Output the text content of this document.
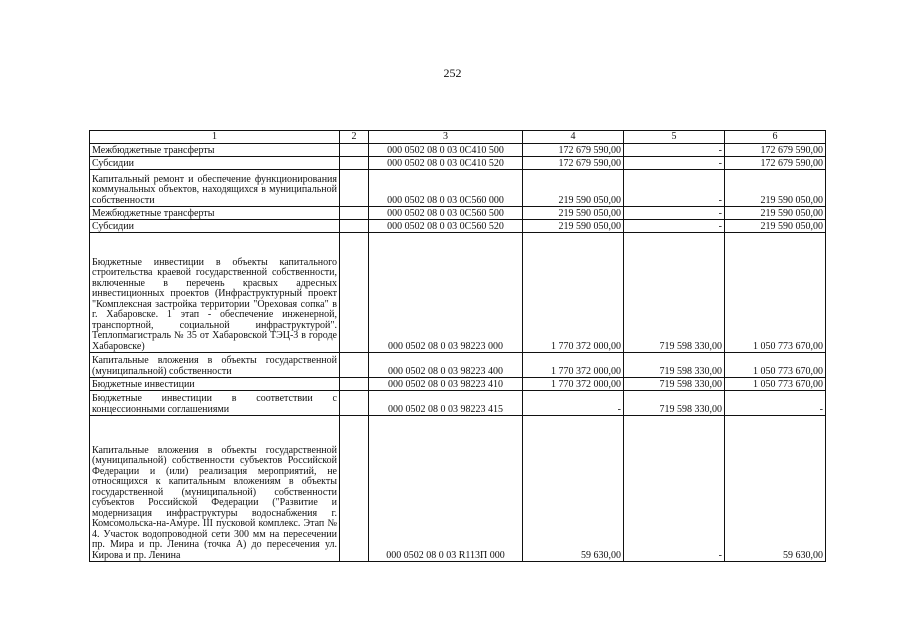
252
1	2	3	4	5	6
Межбюджетные трансферты		000 0502 08 0 03 0С410 500	172 679 590,00	-	172 679 590,00
Субсидии		000 0502 08 0 03 0С410 520	172 679 590,00	-	172 679 590,00
Капитальный ремонт и обеспечение функционирования коммунальных объектов, находящихся в муниципальной собственности		000 0502 08 0 03 0С560 000	219 590 050,00	-	219 590 050,00
Межбюджетные трансферты		000 0502 08 0 03 0С560 500	219 590 050,00	-	219 590 050,00
Субсидии		000 0502 08 0 03 0С560 520	219 590 050,00	-	219 590 050,00
Бюджетные инвестиции в объекты капитального строительства краевой государственной собственности, включенные в перечень красвых адресных инвестиционных проектов (Инфраструктурный проект "Комплексная застройка территории "Ореховая сопка" в г. Хабаровске. 1 этап - обеспечение инженерной, транспортной, социальной инфраструктурой". Теплопмагистраль № 35 от Хабаровской ТЭЦ-3 в городе Хабаровске)		000 0502 08 0 03 98223 000	1 770 372 000,00	719 598 330,00	1 050 773 670,00
Капитальные вложения в объекты государственной (муниципальной) собственности		000 0502 08 0 03 98223 400	1 770 372 000,00	719 598 330,00	1 050 773 670,00
Бюджетные инвестиции		000 0502 08 0 03 98223 410	1 770 372 000,00	719 598 330,00	1 050 773 670,00
Бюджетные инвестиции в соответствии с концессионными соглашениями		000 0502 08 0 03 98223 415	-	719 598 330,00	-
Капитальные вложения в объекты государственной (муниципальной) собственности субъектов Российской Федерации и (или) реализация мероприятий, не относящихся к капитальным вложениям в объекты государственной (муниципальной) собственности субъектов Российской Федерации ("Развитие и модернизация инфраструктуры водоснабжения г. Комсомольска-на-Амуре. III пусковой комплекс. Этап № 4. Участок водопроводной сети 300 мм на пересечении пр. Мира и пр. Ленина (точка А) до пересечения ул. Кирова и пр. Ленина		000 0502 08 0 03 R113П 000	59 630,00	-	59 630,00
